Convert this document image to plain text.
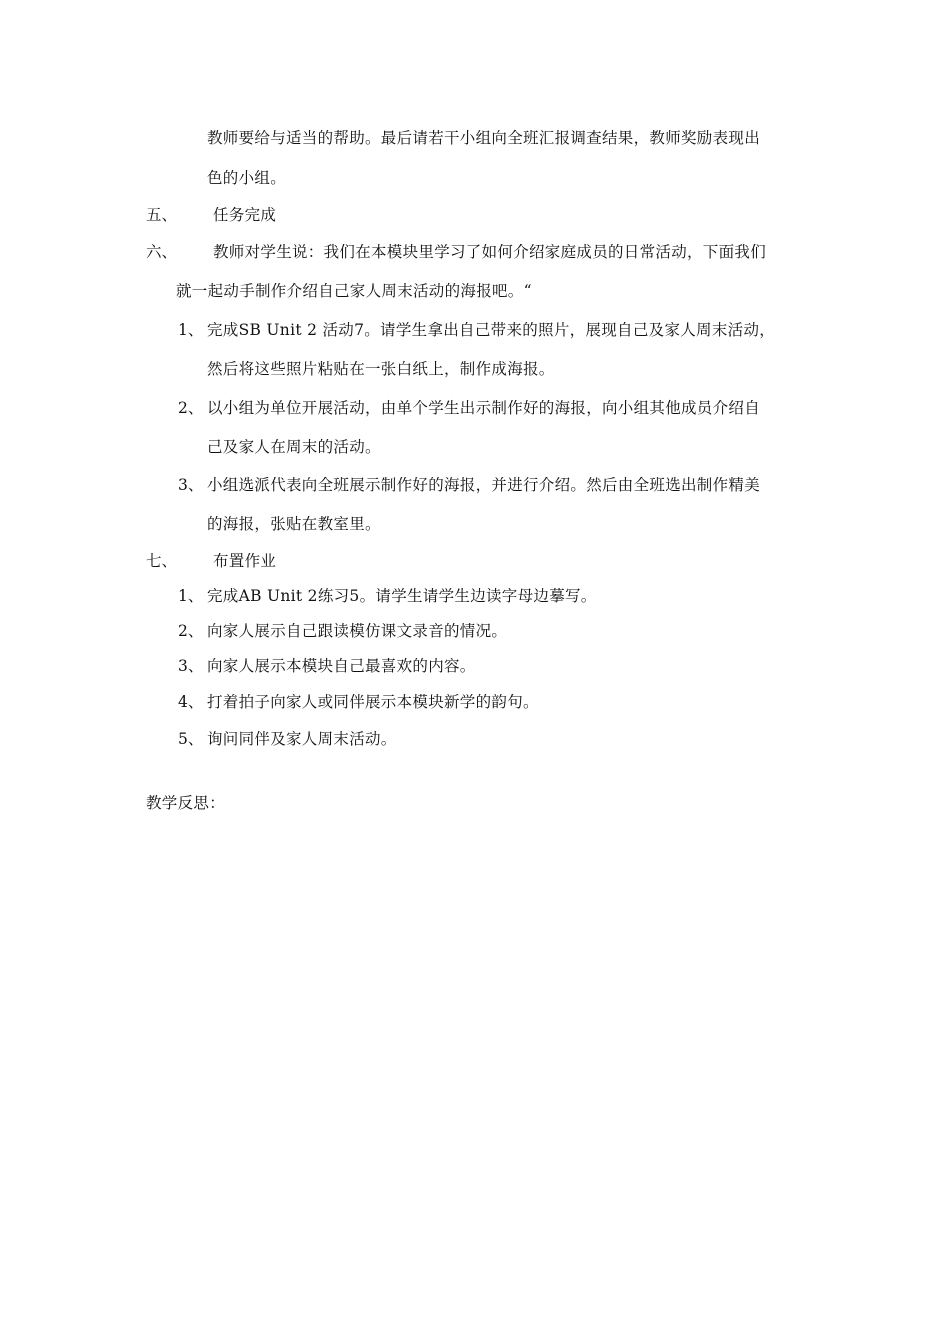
教师要给与适当的帮助。最后请若干小组向全班汇报调查结果，教师奖励表现出
色的小组。
五、 任务完成
六、 教师对学生说：我们在本模块里学习了如何介绍家庭成员的日常活动，下面我们
就一起动手制作介绍自己家人周末活动的海报吧。“
1、 完成SB Unit 2 活动7。请学生拿出自己带来的照片，展现自己及家人周末活动，
然后将这些照片粘贴在一张白纸上，制作成海报。
2、 以小组为单位开展活动，由单个学生出示制作好的海报，向小组其他成员介绍自
己及家人在周末的活动。
3、 小组选派代表向全班展示制作好的海报，并进行介绍。然后由全班选出制作精美
的海报，张贴在教室里。
七、 布置作业
1、 完成AB Unit 2练习5。请学生请学生边读字母边摹写。
2、 向家人展示自己跟读模仿课文录音的情况。
3、 向家人展示本模块自己最喜欢的内容。
4、 打着拍子向家人或同伴展示本模块新学的韵句。
5、 询问同伴及家人周末活动。
教学反思：
